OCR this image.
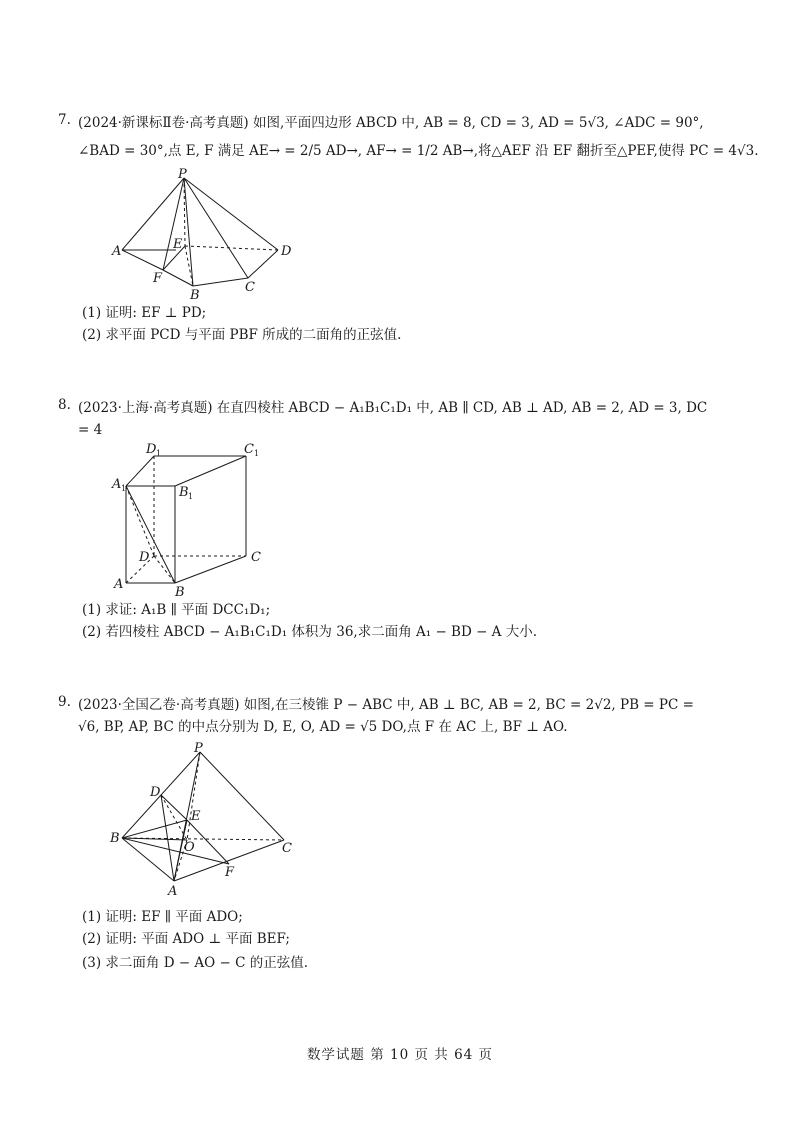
7. (2024·新课标Ⅱ卷·高考真题) 如图,平面四边形 ABCD 中, AB = 8, CD = 3, AD = 5√3, ∠ADC = 90°,
∠BAD = 30°,点 E, F 满足 AE→ = 2/5 AD→, AF→ = 1/2 AB→,将△AEF 沿 EF 翻折至△PEF,使得 PC = 4√3.
P
A	E	D
F
B
C
(1) 证明: EF ⊥ PD;
(2) 求平面 PCD 与平面 PBF 所成的二面角的正弦值.
8. (2023·上海·高考真题) 在直四棱柱 ABCD − A₁B₁C₁D₁ 中, AB ∥ CD, AB ⊥ AD, AB = 2, AD = 3, DC
= 4
D 1	C 1
A 1	B 1
D	C
A
B
(1) 求证: A₁B ∥ 平面 DCC₁D₁;
(2) 若四棱柱 ABCD − A₁B₁C₁D₁ 体积为 36,求二面角 A₁ − BD − A 大小.
9. (2023·全国乙卷·高考真题) 如图,在三棱锥 P − ABC 中, AB ⊥ BC, AB = 2, BC = 2√2, PB = PC =
√6, BP, AP, BC 的中点分别为 D, E, O, AD = √5 DO,点 F 在 AC 上, BF ⊥ AO.
P
D
E
B
O	C
F
A
(1) 证明: EF ∥ 平面 ADO;
(2) 证明: 平面 ADO ⊥ 平面 BEF;
(3) 求二面角 D − AO − C 的正弦值.
数学试题 第 10 页 共 64 页
